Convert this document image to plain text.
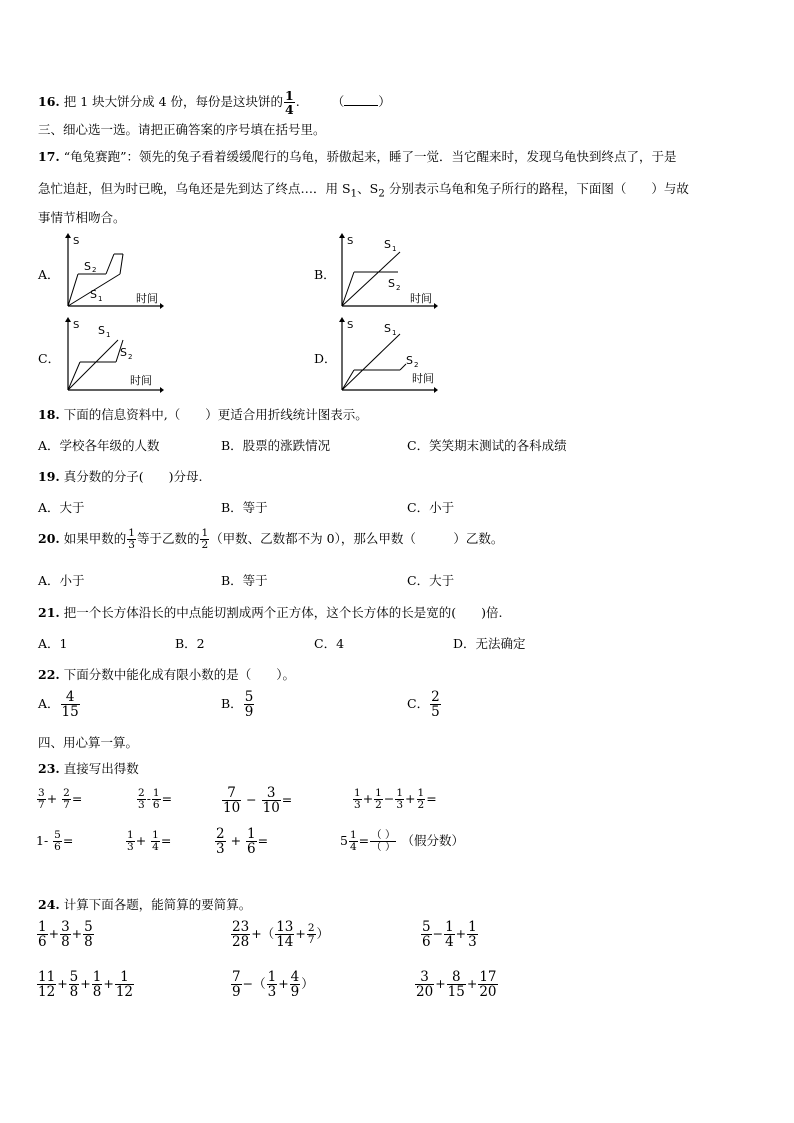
16. 把 1 块大饼分成 4 份，每份是这块饼的 $\frac{1}{4}$ .	（	）
三、细心选一选。请把正确答案的序号填在括号里。
17. “龟兔赛跑”：领先的兔子看着缓缓爬行的乌龟，骄傲起来，睡了一觉．当它醒来时，发现乌龟快到终点了，于是
急忙追赶，但为时已晚，乌龟还是先到达了终点…．用 $S_1$、$S_2$ 分别表示乌龟和兔子所行的路程，下面图（　　）与故
事情节相吻合。
A．
S
S 2
S 1	时间
B．
S	S 1
S 2
时间
C．
S S 1
S 2
时间
D．
S	S 1
S 2
时间
18. 下面的信息资料中,（　　）更适合用折线统计图表示。
A．学校各年级的人数	B．股票的涨跌情况	C．笑笑期末测试的各科成绩
19. 真分数的分子(　　)分母.
A．大于	B．等于	C．小于
20. 如果甲数的 $\frac{1}{3}$ 等于乙数的 $\frac{1}{2}$ （甲数、乙数都不为 0），那么甲数（　　　）乙数。
A．小于	B．等于	C．大于
21. 把一个长方体沿长的中点能切割成两个正方体，这个长方体的长是宽的(　　)倍.
A．1	B．2	C．4	D．无法确定
22. 下面分数中能化成有限小数的是（　　）。
A． $\frac{4}{15}$	B． $\frac{5}{9}$	C． $\frac{2}{5}$
四、用心算一算。
23. 直接写出得数
$\frac{3}{7} + \frac{2}{7}$ =	$\frac{2}{3} - \frac{1}{6}$ =	$\frac{7}{10} - \frac{3}{10}$ =	$\frac{1}{3} + \frac{1}{2} - \frac{1}{3} + \frac{1}{2}$ =
$1- \frac{5}{6}$ =	$\frac{1}{3} + \frac{1}{4}$ =	$\frac{2}{3} + \frac{1}{6}$ =	$5 \frac{1}{4} = \frac{( )}{( )}$ （假分数）
24. 计算下面各题，能简算的要简算。
$\frac{1}{6} + \frac{3}{8} + \frac{5}{8}$	$\frac{23}{28}$ +（ $\frac{13}{14} + \frac{2}{7}$ ）	$\frac{5}{6} - \frac{1}{4} + \frac{1}{3}$
$\frac{11}{12} + \frac{5}{8} + \frac{1}{8} + \frac{1}{12}$	$\frac{7}{9}$ −（ $\frac{1}{3} + \frac{4}{9}$ ）	$\frac{3}{20} + \frac{8}{15} + \frac{17}{20}$
